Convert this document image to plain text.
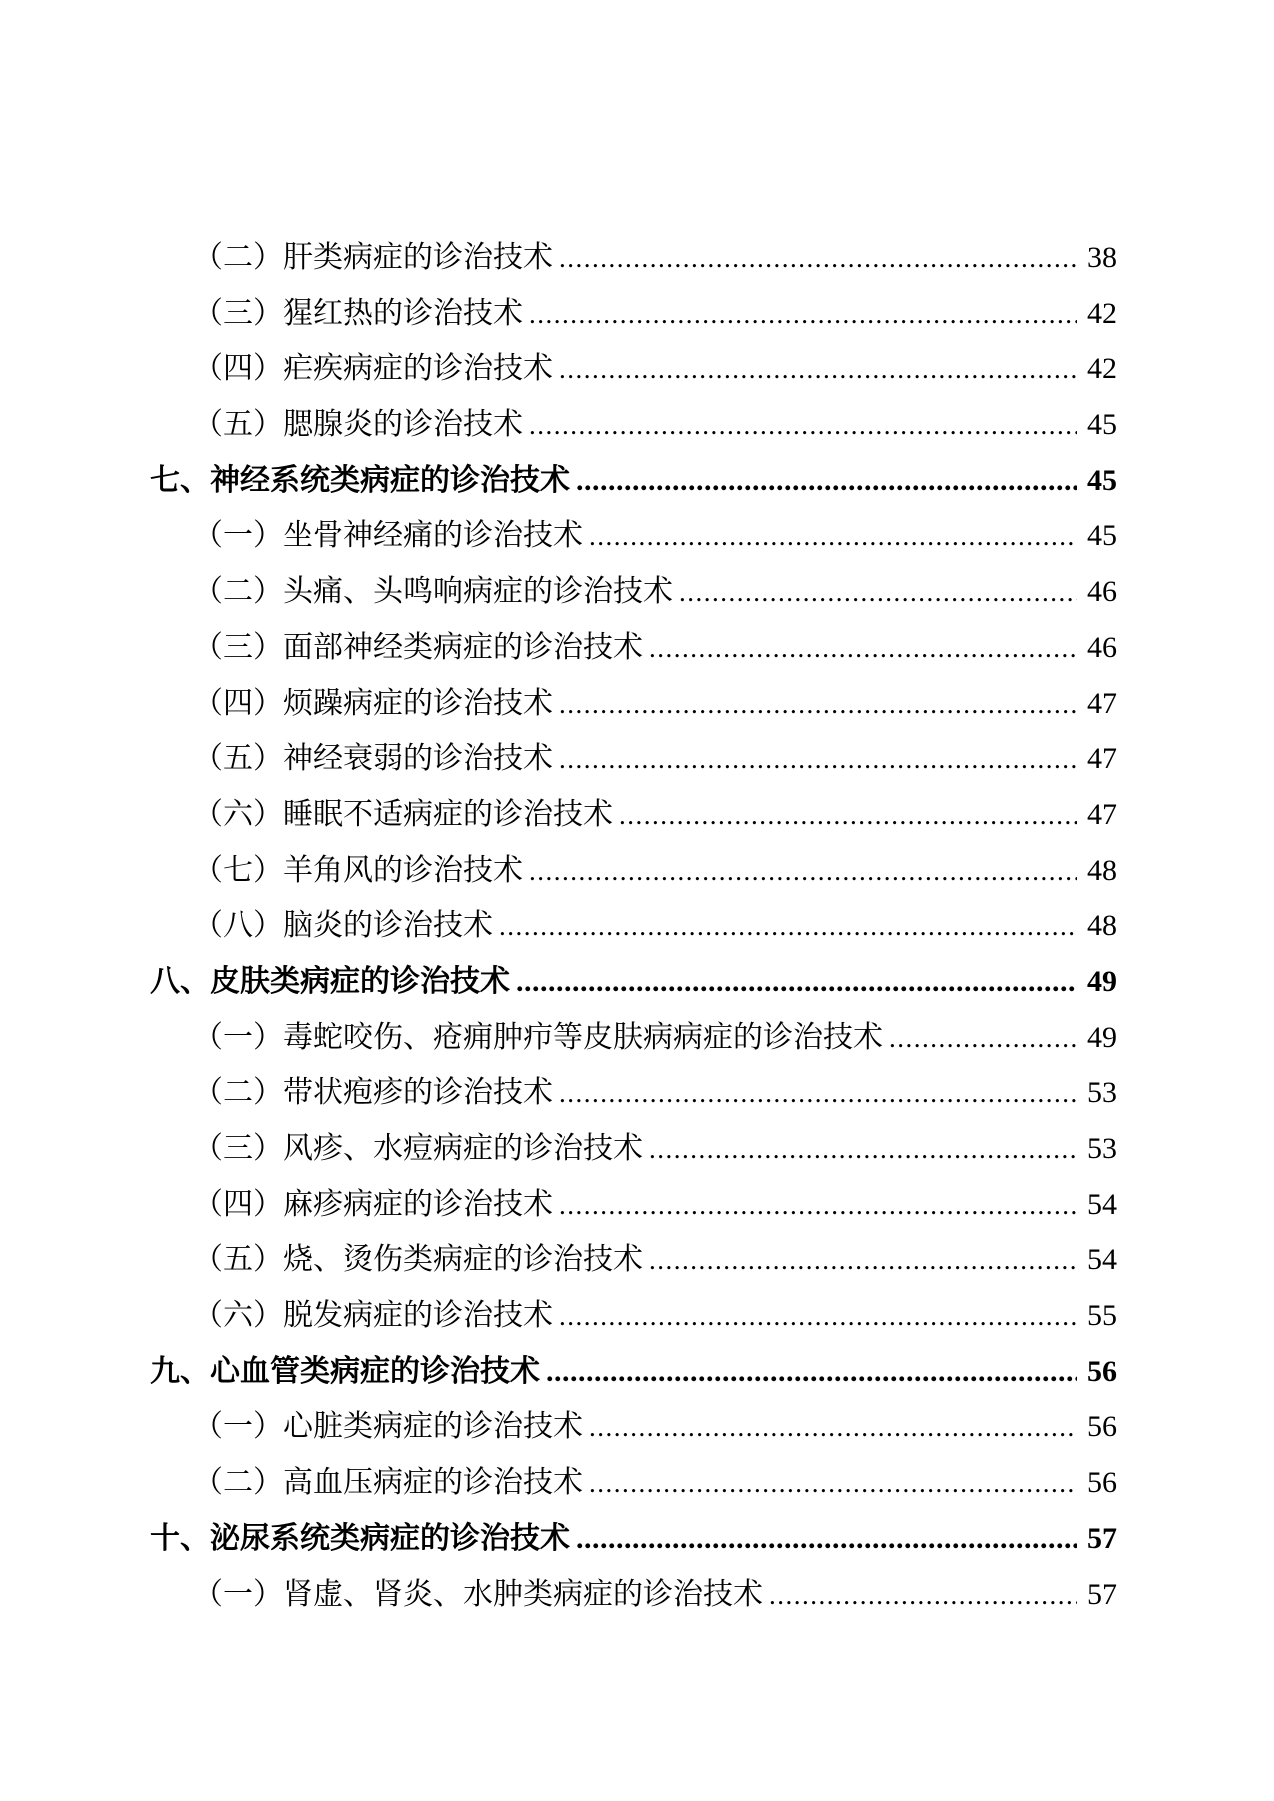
（二）肝类病症的诊治技术 .....	38
（三）猩红热的诊治技术 .....	42
（四）疟疾病症的诊治技术 .....	42
（五）腮腺炎的诊治技术 .....	45
七、神经系统类病症的诊治技术 .....	45
（一）坐骨神经痛的诊治技术 .....	45
（二）头痛、头鸣响病症的诊治技术 .....	46
（三）面部神经类病症的诊治技术 .....	46
（四）烦躁病症的诊治技术 .....	47
（五）神经衰弱的诊治技术 .....	47
（六）睡眠不适病症的诊治技术 .....	47
（七）羊角风的诊治技术 .....	48
（八）脑炎的诊治技术 .....	48
八、皮肤类病症的诊治技术 .....	49
（一）毒蛇咬伤、疮痈肿疖等皮肤病病症的诊治技术 .....	49
（二）带状疱疹的诊治技术 .....	53
（三）风疹、水痘病症的诊治技术 .....	53
（四）麻疹病症的诊治技术 .....	54
（五）烧、烫伤类病症的诊治技术 .....	54
（六）脱发病症的诊治技术 .....	55
九、心血管类病症的诊治技术 .....	56
（一）心脏类病症的诊治技术 .....	56
（二）高血压病症的诊治技术 .....	56
十、泌尿系统类病症的诊治技术 .....	57
（一）肾虚、肾炎、水肿类病症的诊治技术 .....	57
